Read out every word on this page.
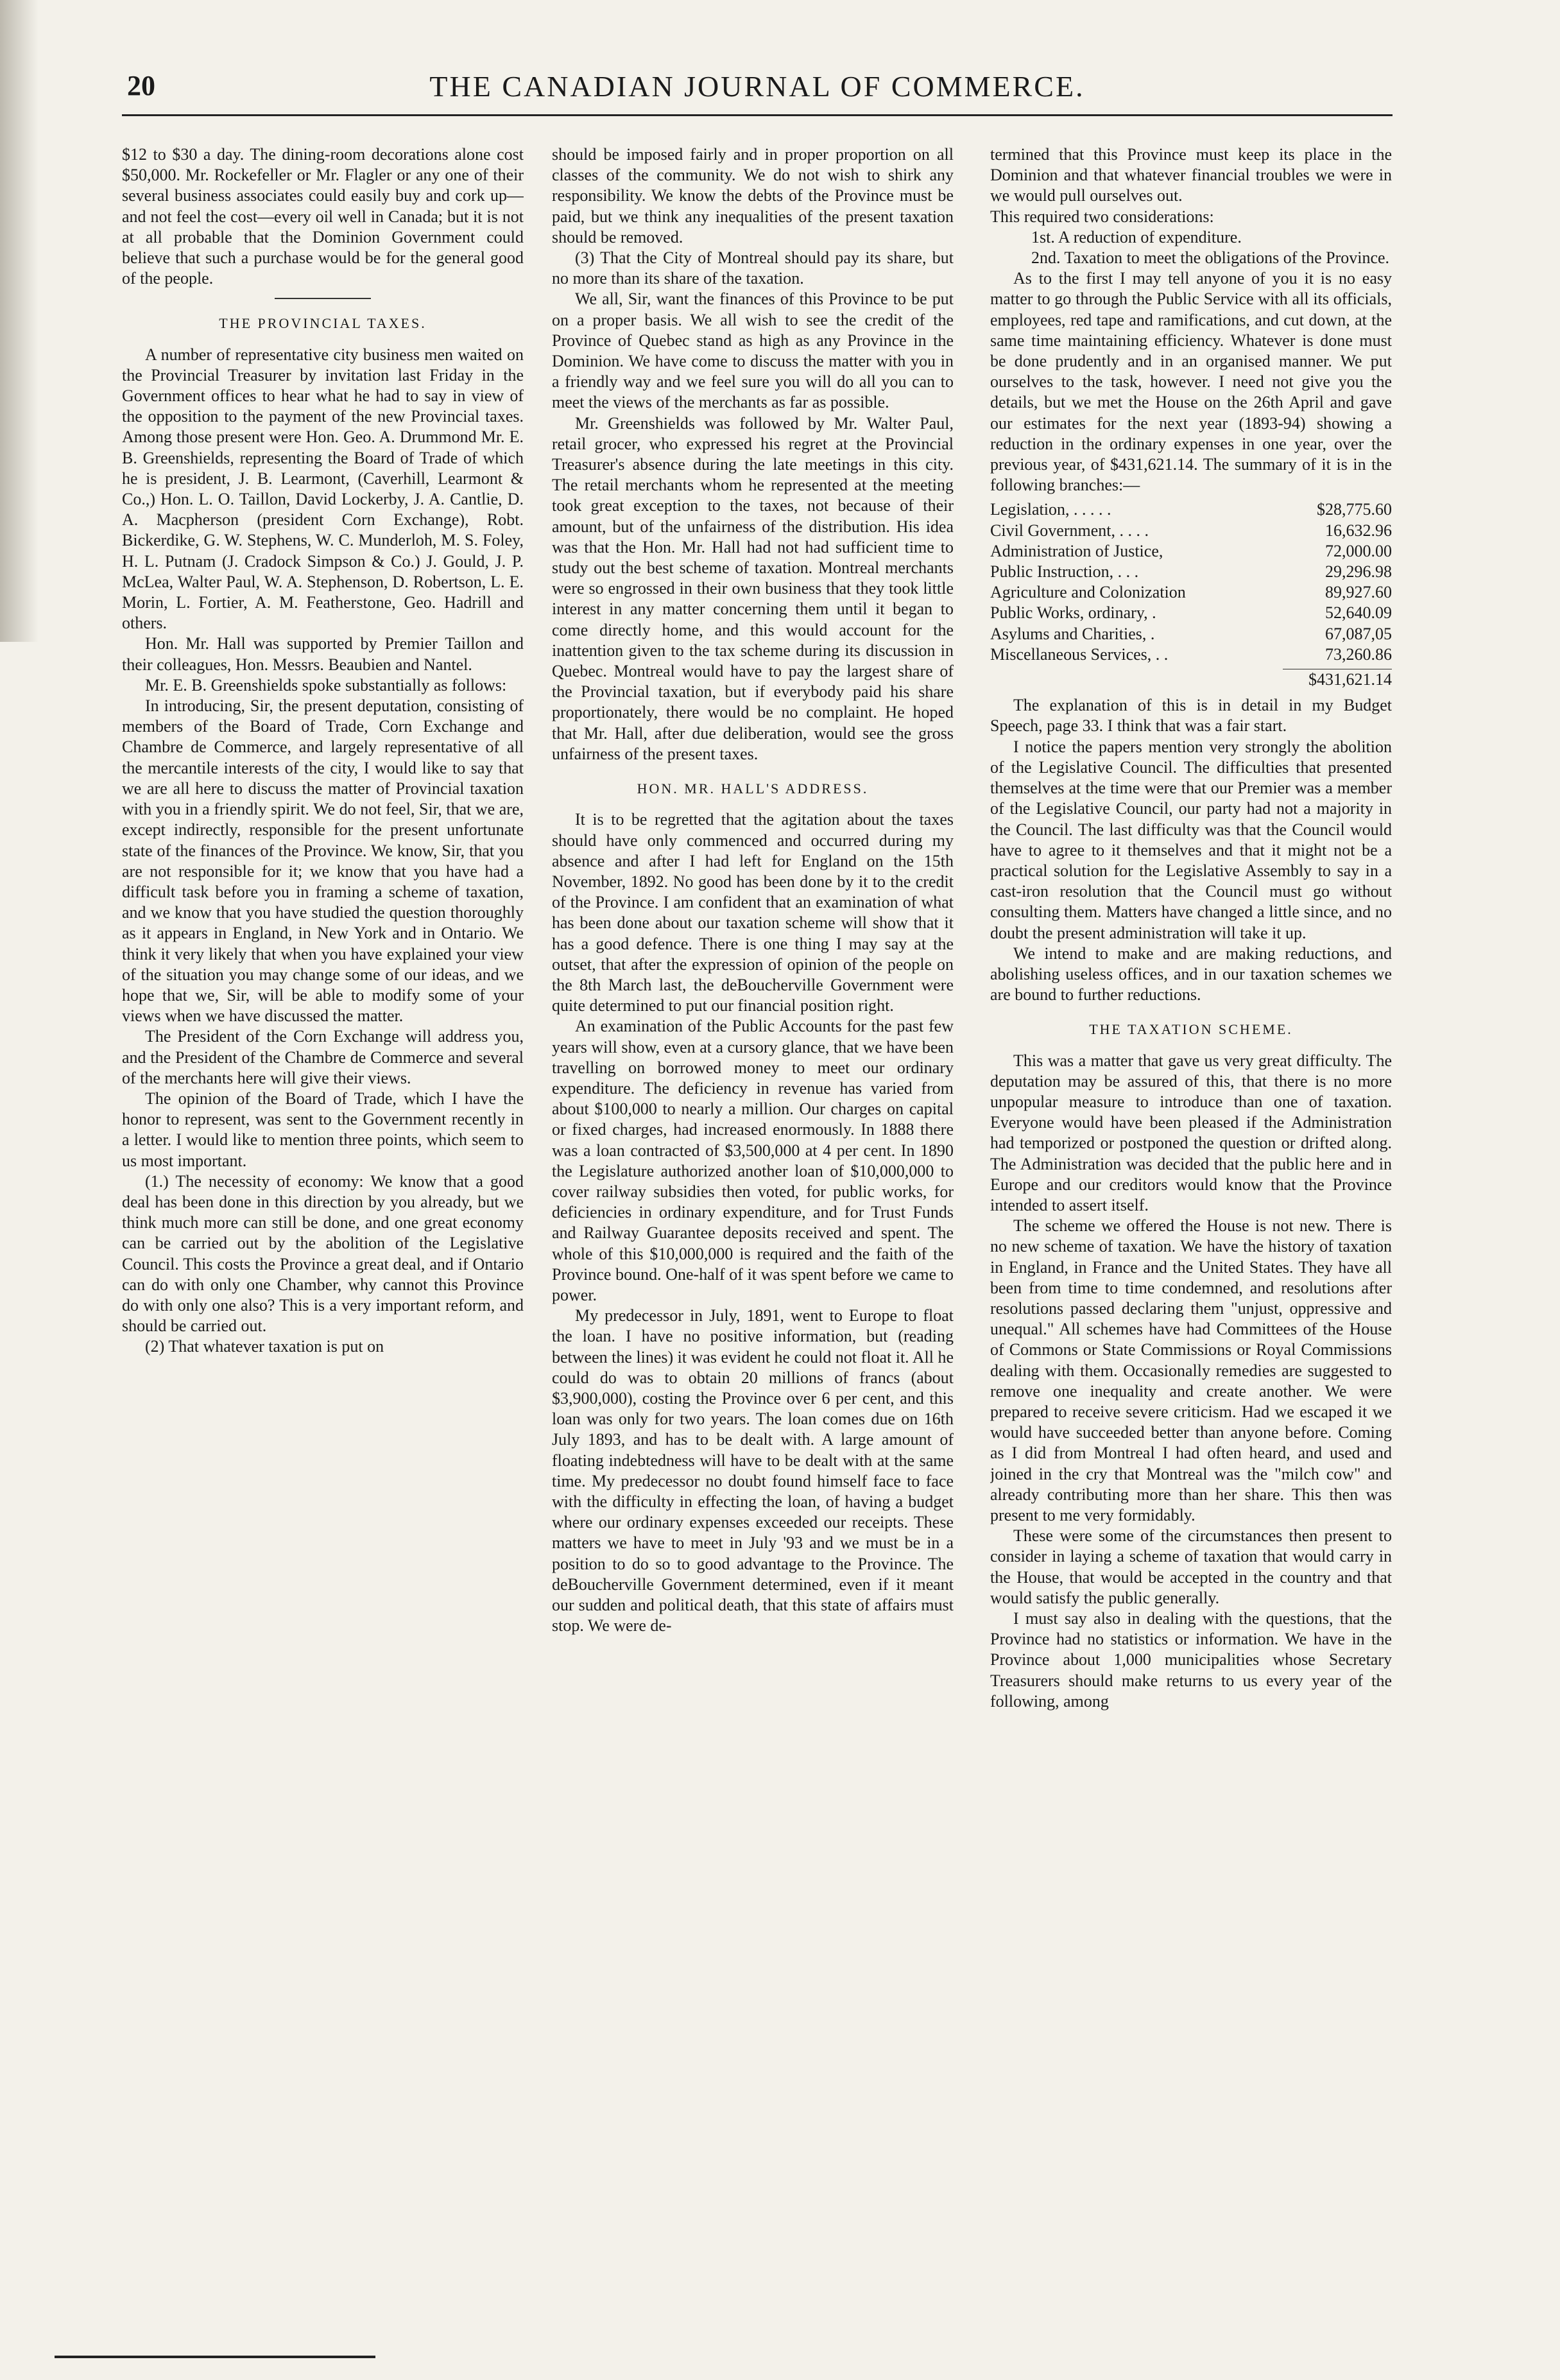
20	THE CANADIAN JOURNAL OF COMMERCE.

$12 to $30 a day. The dining-room decorations alone cost $50,000. Mr. Rockefeller or Mr. Flagler or any one of their several business associates could easily buy and cork up—and not feel the cost—every oil well in Canada; but it is not at all probable that the Dominion Government could believe that such a purchase would be for the general good of the people.

THE PROVINCIAL TAXES.

A number of representative city business men waited on the Provincial Treasurer by invitation last Friday in the Government offices to hear what he had to say in view of the opposition to the payment of the new Provincial taxes. Among those present were Hon. Geo. A. Drummond Mr. E. B. Greenshields, representing the Board of Trade of which he is president, J. B. Learmont, (Caverhill, Learmont & Co.,) Hon. L. O. Taillon, David Lockerby, J. A. Cantlie, D. A. Macpherson (president Corn Exchange), Robt. Bickerdike, G. W. Stephens, W. C. Munderloh, M. S. Foley, H. L. Putnam (J. Cradock Simpson & Co.) J. Gould, J. P. McLea, Walter Paul, W. A. Stephenson, D. Robertson, L. E. Morin, L. Fortier, A. M. Featherstone, Geo. Hadrill and others.

Hon. Mr. Hall was supported by Premier Taillon and their colleagues, Hon. Messrs. Beaubien and Nantel.

Mr. E. B. Greenshields spoke substantially as follows:

In introducing, Sir, the present deputation, consisting of members of the Board of Trade, Corn Exchange and Chambre de Commerce, and largely representative of all the mercantile interests of the city, I would like to say that we are all here to discuss the matter of Provincial taxation with you in a friendly spirit. We do not feel, Sir, that we are, except indirectly, responsible for the present unfortunate state of the finances of the Province. We know, Sir, that you are not responsible for it; we know that you have had a difficult task before you in framing a scheme of taxation, and we know that you have studied the question thoroughly as it appears in England, in New York and in Ontario. We think it very likely that when you have explained your view of the situation you may change some of our ideas, and we hope that we, Sir, will be able to modify some of your views when we have discussed the matter.

The President of the Corn Exchange will address you, and the President of the Chambre de Commerce and several of the merchants here will give their views.

The opinion of the Board of Trade, which I have the honor to represent, was sent to the Government recently in a letter. I would like to mention three points, which seem to us most important.

(1.) The necessity of economy: We know that a good deal has been done in this direction by you already, but we think much more can still be done, and one great economy can be carried out by the abolition of the Legislative Council. This costs the Province a great deal, and if Ontario can do with only one Chamber, why cannot this Province do with only one also? This is a very important reform, and should be carried out.

(2) That whatever taxation is put on

should be imposed fairly and in proper proportion on all classes of the community. We do not wish to shirk any responsibility. We know the debts of the Province must be paid, but we think any inequalities of the present taxation should be removed.

(3) That the City of Montreal should pay its share, but no more than its share of the taxation.

We all, Sir, want the finances of this Province to be put on a proper basis. We all wish to see the credit of the Province of Quebec stand as high as any Province in the Dominion. We have come to discuss the matter with you in a friendly way and we feel sure you will do all you can to meet the views of the merchants as far as possible.

Mr. Greenshields was followed by Mr. Walter Paul, retail grocer, who expressed his regret at the Provincial Treasurer's absence during the late meetings in this city. The retail merchants whom he represented at the meeting took great exception to the taxes, not because of their amount, but of the unfairness of the distribution. His idea was that the Hon. Mr. Hall had not had sufficient time to study out the best scheme of taxation. Montreal merchants were so engrossed in their own business that they took little interest in any matter concerning them until it began to come directly home, and this would account for the inattention given to the tax scheme during its discussion in Quebec. Montreal would have to pay the largest share of the Provincial taxation, but if everybody paid his share proportionately, there would be no complaint. He hoped that Mr. Hall, after due deliberation, would see the gross unfairness of the present taxes.

HON. MR. HALL'S ADDRESS.

It is to be regretted that the agitation about the taxes should have only commenced and occurred during my absence and after I had left for England on the 15th November, 1892. No good has been done by it to the credit of the Province. I am confident that an examination of what has been done about our taxation scheme will show that it has a good defence. There is one thing I may say at the outset, that after the expression of opinion of the people on the 8th March last, the deBoucherville Government were quite determined to put our financial position right.

An examination of the Public Accounts for the past few years will show, even at a cursory glance, that we have been travelling on borrowed money to meet our ordinary expenditure. The deficiency in revenue has varied from about $100,000 to nearly a million. Our charges on capital or fixed charges, had increased enormously. In 1888 there was a loan contracted of $3,500,000 at 4 per cent. In 1890 the Legislature authorized another loan of $10,000,000 to cover railway subsidies then voted, for public works, for deficiencies in ordinary expenditure, and for Trust Funds and Railway Guarantee deposits received and spent. The whole of this $10,000,000 is required and the faith of the Province bound. One-half of it was spent before we came to power.

My predecessor in July, 1891, went to Europe to float the loan. I have no positive information, but (reading between the lines) it was evident he could not float it. All he could do was to obtain 20 millions of francs (about $3,900,000), costing the Province over 6 per cent, and this loan was only for two years. The loan comes due on 16th July 1893, and has to be dealt with. A large amount of floating indebtedness will have to be dealt with at the same time. My predecessor no doubt found himself face to face with the difficulty in effecting the loan, of having a budget where our ordinary expenses exceeded our receipts. These matters we have to meet in July '93 and we must be in a position to do so to good advantage to the Province. The deBoucherville Government determined, even if it meant our sudden and political death, that this state of affairs must stop. We were de-

termined that this Province must keep its place in the Dominion and that whatever financial troubles we were in we would pull ourselves out.

This required two considerations:

1st. A reduction of expenditure.

2nd. Taxation to meet the obligations of the Province.

As to the first I may tell anyone of you it is no easy matter to go through the Public Service with all its officials, employees, red tape and ramifications, and cut down, at the same time maintaining efficiency. Whatever is done must be done prudently and in an organised manner. We put ourselves to the task, however. I need not give you the details, but we met the House on the 26th April and gave our estimates for the next year (1893-94) showing a reduction in the ordinary expenses in one year, over the previous year, of $431,621.14. The summary of it is in the following branches:—

Legislation, . . . . .	$28,775.60
Civil Government, . . . .	16,632.96
Administration of Justice,	72,000.00
Public Instruction, . . .	29,296.98
Agriculture and Colonization	89,927.60
Public Works, ordinary, .	52,640.09
Asylums and Charities, .	67,087,05
Miscellaneous Services, . .	73,260.86
$431,621.14

The explanation of this is in detail in my Budget Speech, page 33. I think that was a fair start.

I notice the papers mention very strongly the abolition of the Legislative Council. The difficulties that presented themselves at the time were that our Premier was a member of the Legislative Council, our party had not a majority in the Council. The last difficulty was that the Council would have to agree to it themselves and that it might not be a practical solution for the Legislative Assembly to say in a cast-iron resolution that the Council must go without consulting them. Matters have changed a little since, and no doubt the present administration will take it up.

We intend to make and are making reductions, and abolishing useless offices, and in our taxation schemes we are bound to further reductions.

THE TAXATION SCHEME.

This was a matter that gave us very great difficulty. The deputation may be assured of this, that there is no more unpopular measure to introduce than one of taxation. Everyone would have been pleased if the Administration had temporized or postponed the question or drifted along. The Administration was decided that the public here and in Europe and our creditors would know that the Province intended to assert itself.

The scheme we offered the House is not new. There is no new scheme of taxation. We have the history of taxation in England, in France and the United States. They have all been from time to time condemned, and resolutions after resolutions passed declaring them "unjust, oppressive and unequal." All schemes have had Committees of the House of Commons or State Commissions or Royal Commissions dealing with them. Occasionally remedies are suggested to remove one inequality and create another. We were prepared to receive severe criticism. Had we escaped it we would have succeeded better than anyone before. Coming as I did from Montreal I had often heard, and used and joined in the cry that Montreal was the "milch cow" and already contributing more than her share. This then was present to me very formidably.

These were some of the circumstances then present to consider in laying a scheme of taxation that would carry in the House, that would be accepted in the country and that would satisfy the public generally.

I must say also in dealing with the questions, that the Province had no statistics or information. We have in the Province about 1,000 municipalities whose Secretary Treasurers should make returns to us every year of the following, among
